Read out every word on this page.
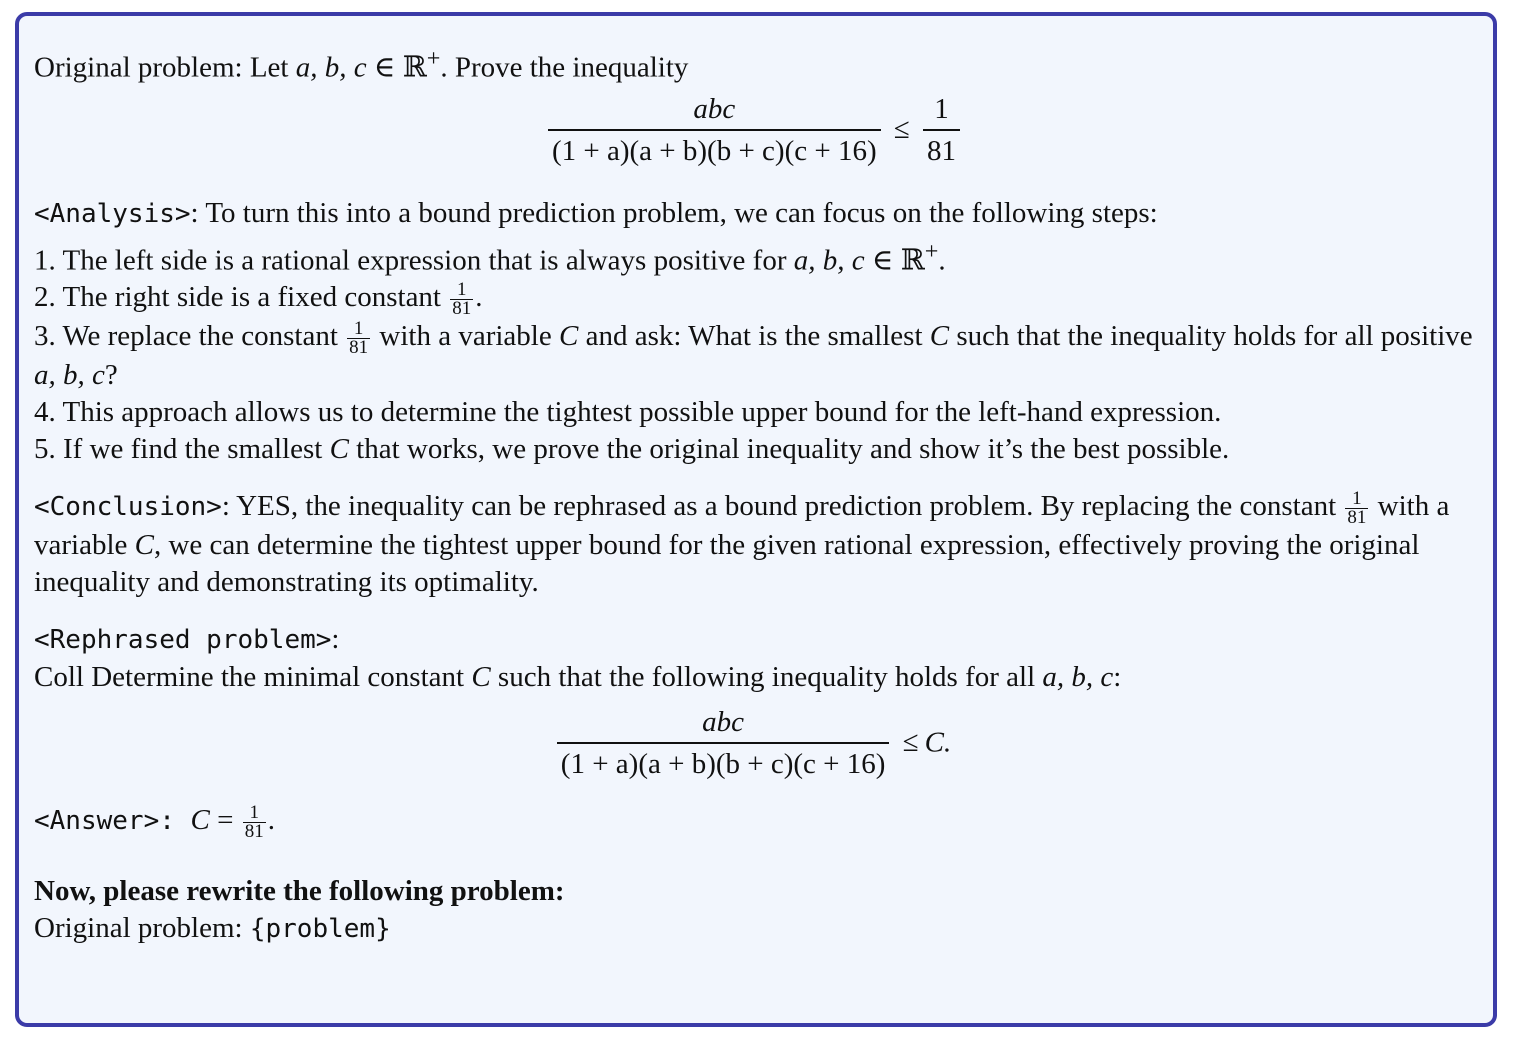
Original problem: Let a, b, c ∈ ℝ+. Prove the inequality

$\frac{\text{abc}}{(1 + a)(a + b)(b + c)(c + 16)} \le \frac{1}{81}$

<Analysis>: To turn this into a bound prediction problem, we can focus on the following steps:

1. The left side is a rational expression that is always positive for a, b, c ∈ ℝ+.

2. The right side is a fixed constant $\frac{1}{81}$ .

3. We replace the constant $\frac{1}{81}$ with a variable C and ask: What is the smallest C such that the inequality holds for all positive a, b, c?

4. This approach allows us to determine the tightest possible upper bound for the left-hand expression.

5. If we find the smallest C that works, we prove the original inequality and show it’s the best possible.

<Conclusion>: YES, the inequality can be rephrased as a bound prediction problem. By replacing the constant $\frac{1}{81}$ with a variable C, we can determine the tightest upper bound for the given rational expression, effectively proving the original inequality and demonstrating its optimality.

<Rephrased problem>:

Coll Determine the minimal constant C such that the following inequality holds for all a, b, c:

$\frac{\text{abc}}{(1 + a)(a + b)(b + c)(c + 16)} \le C$.

<Answer>: $C = \frac{1}{81}$ .

Now, please rewrite the following problem:

Original problem: {problem}
